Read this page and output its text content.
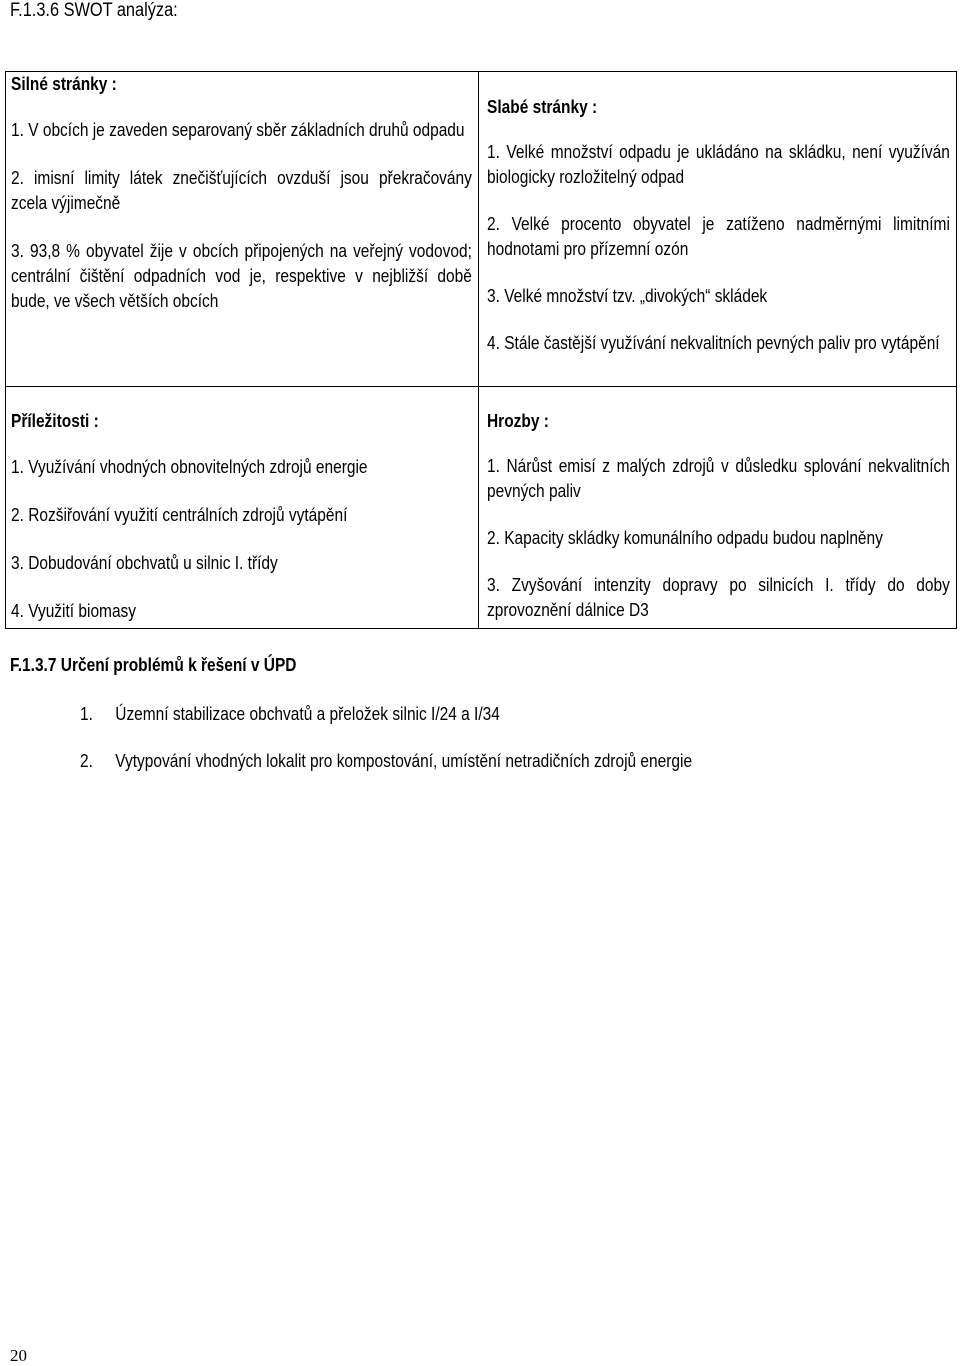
F.1.3.6 SWOT analýza:
Silné stránky :
1. V obcích je zaveden separovaný sběr základních druhů odpadu
2. imisní limity látek znečišťujících ovzduší jsou překračovány zcela výjimečně
3. 93,8 % obyvatel žije v obcích připojených na veřejný vodovod; centrální čištění odpadních vod je, respektive v nejbližší době bude, ve všech větších obcích
Slabé stránky :
1. Velké množství odpadu je ukládáno na skládku, není využíván biologicky rozložitelný odpad
2. Velké procento obyvatel je zatíženo nadměrnými limitními hodnotami pro přízemní ozón
3. Velké množství tzv. „divokých“ skládek
4. Stále častější využívání nekvalitních pevných paliv pro vytápění
Příležitosti :
1. Využívání vhodných obnovitelných zdrojů energie
2. Rozšiřování využití centrálních zdrojů vytápění
3. Dobudování obchvatů u silnic I. třídy
4. Využití biomasy
Hrozby :
1. Nárůst emisí z malých zdrojů v důsledku splování nekvalitních pevných paliv
2. Kapacity skládky komunálního odpadu budou naplněny
3. Zvyšování intenzity dopravy po silnicích I. třídy do doby zprovoznění dálnice D3
F.1.3.7 Určení problémů k řešení v ÚPD
1. Územní stabilizace obchvatů a přeložek silnic I/24 a I/34
2. Vytypování vhodných lokalit pro kompostování, umístění netradičních zdrojů energie
20
